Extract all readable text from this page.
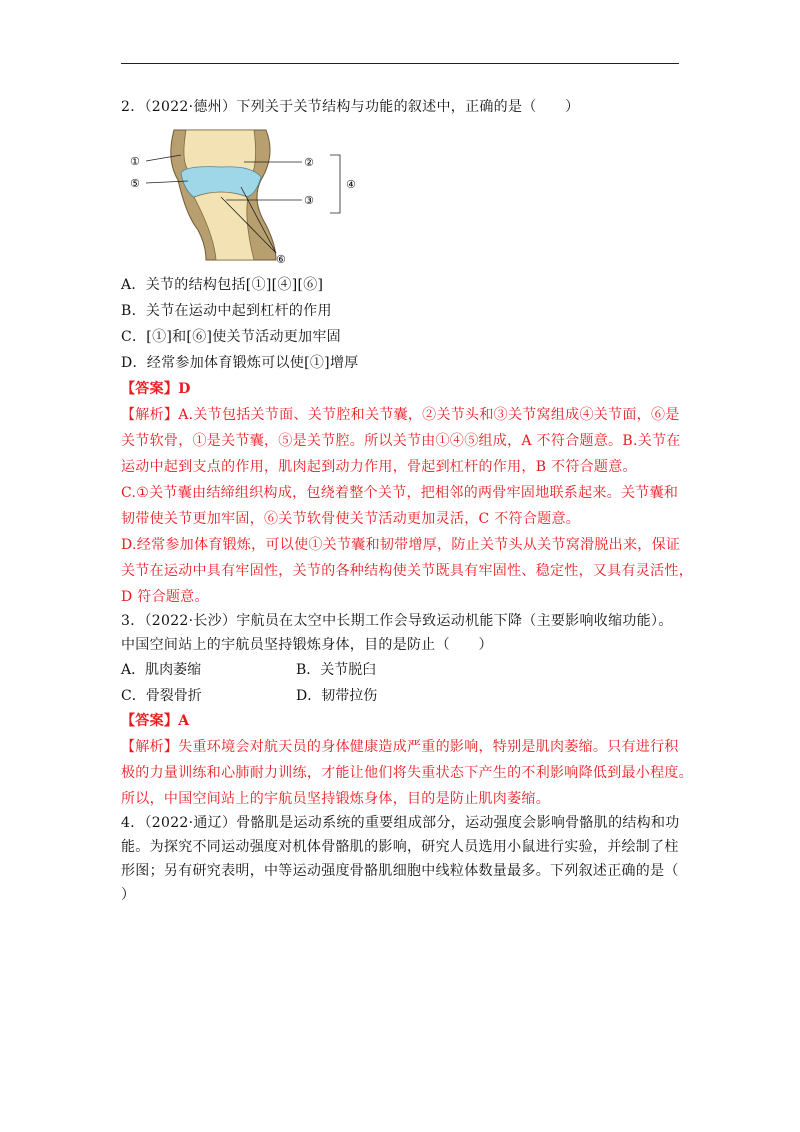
2．（2022·德州）下列关于关节结构与功能的叙述中，正确的是（　　）
①
⑤
②
③
④
⑥
A．关节的结构包括[①][④][⑥]
B．关节在运动中起到杠杆的作用
C．[①]和[⑥]使关节活动更加牢固
D．经常参加体育锻炼可以使[①]增厚
【答案】D
【解析】A.关节包括关节面、关节腔和关节囊，②关节头和③关节窝组成④关节面，⑥是
关节软骨，①是关节囊，⑤是关节腔。所以关节由①④⑤组成，A 不符合题意。B.关节在
运动中起到支点的作用，肌肉起到动力作用，骨起到杠杆的作用，B 不符合题意。
C.①关节囊由结缔组织构成，包绕着整个关节，把相邻的两骨牢固地联系起来。关节囊和
韧带使关节更加牢固，⑥关节软骨使关节活动更加灵活，C 不符合题意。
D.经常参加体育锻炼，可以使①关节囊和韧带增厚，防止关节头从关节窝滑脱出来，保证
关节在运动中具有牢固性，关节的各种结构使关节既具有牢固性、稳定性，又具有灵活性，
D 符合题意。
3．（2022·长沙）宇航员在太空中长期工作会导致运动机能下降（主要影响收缩功能）。
中国空间站上的宇航员坚持锻炼身体，目的是防止（　　）
A．肌肉萎缩	B．关节脱臼
C．骨裂骨折	D．韧带拉伤
【答案】A
【解析】失重环境会对航天员的身体健康造成严重的影响，特别是肌肉萎缩。只有进行积
极的力量训练和心肺耐力训练，才能让他们将失重状态下产生的不利影响降低到最小程度。
所以，中国空间站上的宇航员坚持锻炼身体，目的是防止肌肉萎缩。
4．（2022·通辽）骨骼肌是运动系统的重要组成部分，运动强度会影响骨骼肌的结构和功
能。为探究不同运动强度对机体骨骼肌的影响，研究人员选用小鼠进行实验，并绘制了柱
形图；另有研究表明，中等运动强度骨骼肌细胞中线粒体数量最多。下列叙述正确的是（
）
